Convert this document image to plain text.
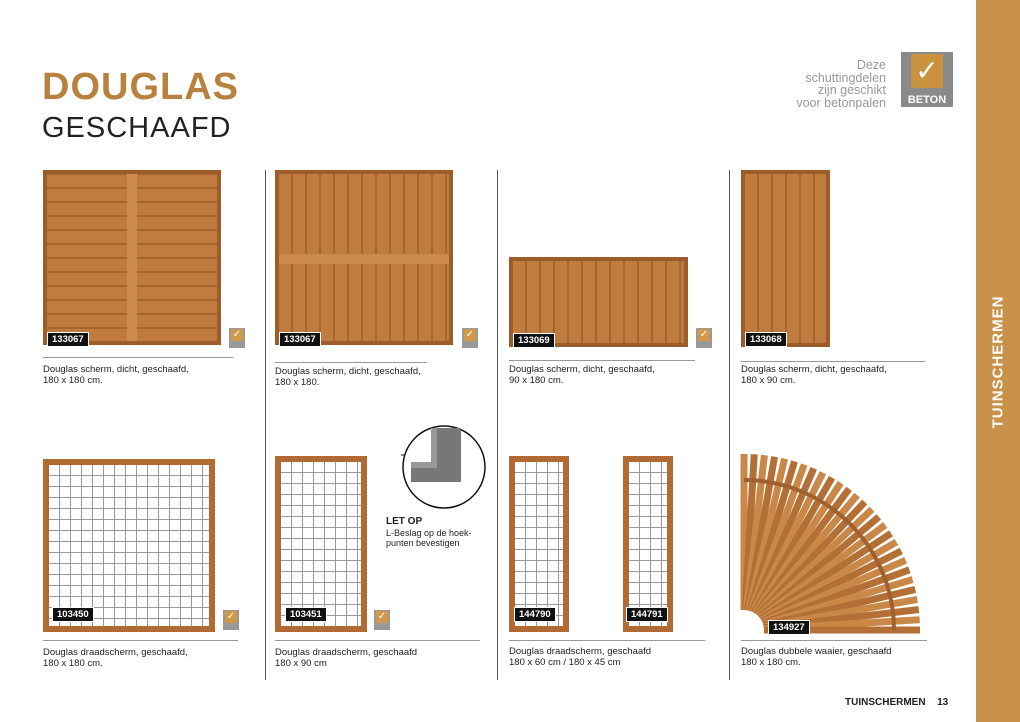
DOUGLAS
GESCHAAFD
Deze
schuttingdelen
zijn geschikt
voor betonpalen
✓
BETON
TUINSCHERMEN
133067	✓
Douglas scherm, dicht, geschaafd,
180 x 180 cm.
133067	✓
Douglas scherm, dicht, geschaafd,
180 x 180.
133069
✓
Douglas scherm, dicht, geschaafd,
90 x 180 cm.
133068
Douglas scherm, dicht, geschaafd,
180 x 90 cm.
103450	✓
Douglas draadscherm, geschaafd,
180 x 180 cm.
103451	✓
Douglas draadscherm, geschaafd
180 x 90 cm
LET OP
L-Beslag op de hoek-
punten bevestigen
144790	144791
Douglas draadscherm, geschaafd
180 x 60 cm / 180 x 45 cm
134927
Douglas dubbele waaier, geschaafd
180 x 180 cm.
TUINSCHERMEN 13
